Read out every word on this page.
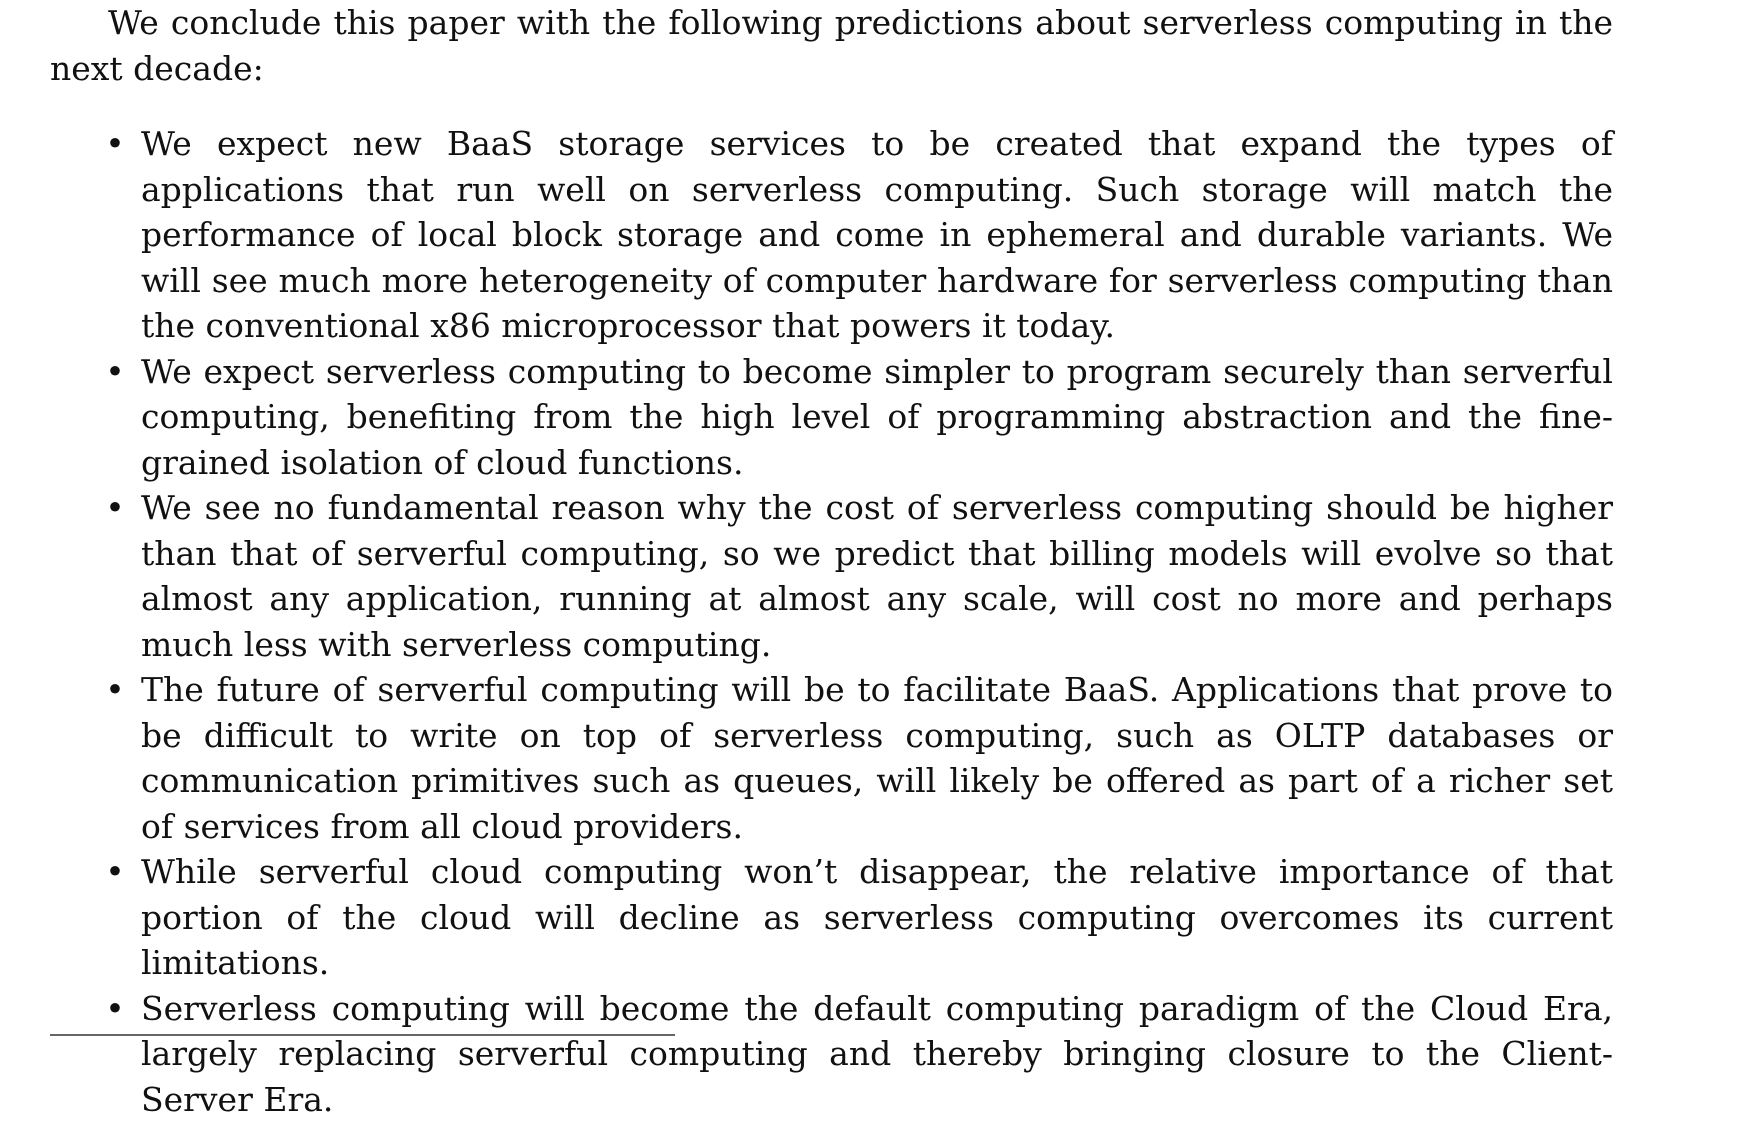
We conclude this paper with the following predictions about serverless computing in the next decade:

• We expect new BaaS storage services to be created that expand the types of applications that run well on serverless computing. Such storage will match the performance of local block storage and come in ephemeral and durable variants. We will see much more heterogeneity of computer hardware for serverless computing than the conventional x86 microprocessor that powers it today.
• We expect serverless computing to become simpler to program securely than serverful computing, benefiting from the high level of programming abstraction and the fine-grained isolation of cloud functions.
• We see no fundamental reason why the cost of serverless computing should be higher than that of serverful computing, so we predict that billing models will evolve so that almost any application, running at almost any scale, will cost no more and perhaps much less with serverless computing.
• The future of serverful computing will be to facilitate BaaS. Applications that prove to be difficult to write on top of serverless computing, such as OLTP databases or communication primitives such as queues, will likely be offered as part of a richer set of services from all cloud providers.
• While serverful cloud computing won’t disappear, the relative importance of that portion of the cloud will decline as serverless computing overcomes its current limitations.
• Serverless computing will become the default computing paradigm of the Cloud Era, largely replacing serverful computing and thereby bringing closure to the Client-Server Era.
